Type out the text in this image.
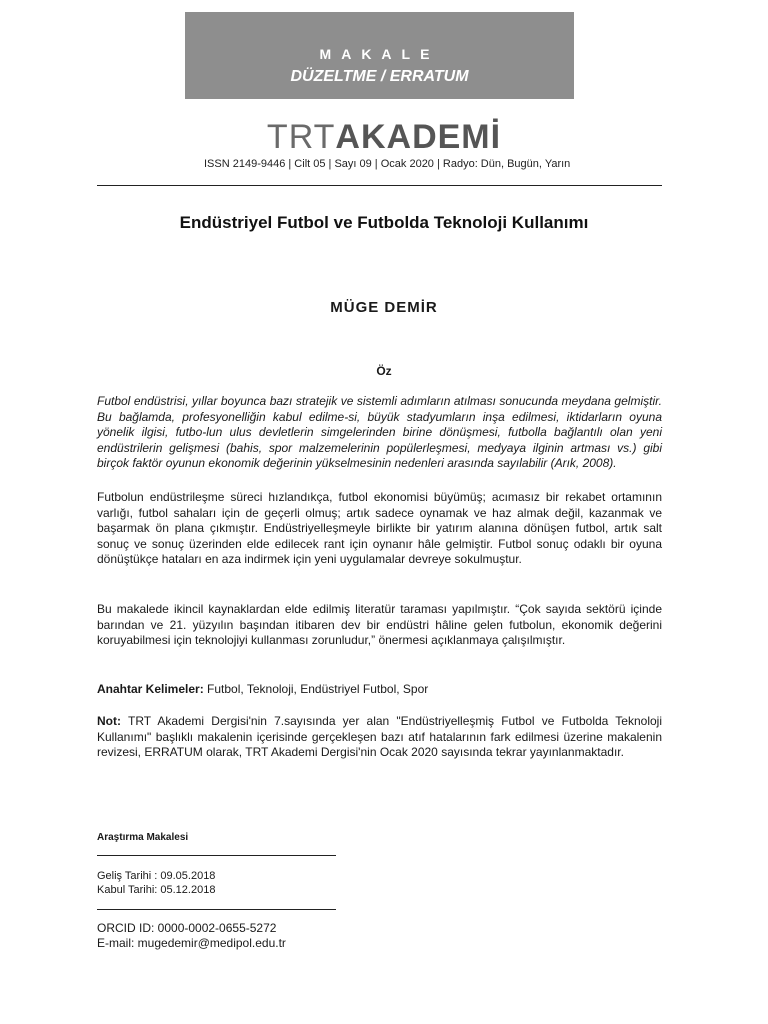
MAKALE
DÜZELTME / ERRATUM
TRTAKADEMİ
ISSN 2149-9446 | Cilt 05 | Sayı 09 | Ocak 2020 | Radyo: Dün, Bugün, Yarın
Endüstriyel Futbol ve Futbolda Teknoloji Kullanımı
MÜGE DEMİR
Öz

Futbol endüstrisi, yıllar boyunca bazı stratejik ve sistemli adımların atılması sonucunda meydana gelmiştir. Bu bağlamda, profesyonelliğin kabul edilme-si, büyük stadyumların inşa edilmesi, iktidarların oyuna yönelik ilgisi, futbo-lun ulus devletlerin simgelerinden birine dönüşmesi, futbolla bağlantılı olan yeni endüstrilerin gelişmesi (bahis, spor malzemelerinin popülerleşmesi, medyaya ilginin artması vs.) gibi birçok faktör oyunun ekonomik değerinin yükselmesinin nedenleri arasında sayılabilir (Arık, 2008).

Futbolun endüstrileşme süreci hızlandıkça, futbol ekonomisi büyümüş; acımasız bir rekabet ortamının varlığı, futbol sahaları için de geçerli olmuş; artık sadece oynamak ve haz almak değil, kazanmak ve başarmak ön plana çıkmıştır. Endüstriyelleşmeyle birlikte bir yatırım alanına dönüşen futbol, artık salt sonuç ve sonuç üzerinden elde edilecek rant için oynanır hâle gelmiştir. Futbol sonuç odaklı bir oyuna dönüştükçe hataları en aza indirmek için yeni uygulamalar devreye sokulmuştur.

Bu makalede ikincil kaynaklardan elde edilmiş literatür taraması yapılmıştır. “Çok sayıda sektörü içinde barından ve 21. yüzyılın başından itibaren dev bir endüstri hâline gelen futbolun, ekonomik değerini koruyabilmesi için teknolojiyi kullanması zorunludur,” önermesi açıklanmaya çalışılmıştır.

Anahtar Kelimeler: Futbol, Teknoloji, Endüstriyel Futbol, Spor

Not: TRT Akademi Dergisi'nin 7.sayısında yer alan "Endüstriyelleşmiş Futbol ve Futbolda Teknoloji Kullanımı" başlıklı makalenin içerisinde gerçekleşen bazı atıf hatalarının fark edilmesi üzerine makalenin revizesi, ERRATUM olarak, TRT Akademi Dergisi'nin Ocak 2020 sayısında tekrar yayınlanmaktadır.

Araştırma Makalesi
Geliş Tarihi : 09.05.2018
Kabul Tarihi: 05.12.2018
ORCID ID: 0000-0002-0655-5272
E-mail: mugedemir@medipol.edu.tr
